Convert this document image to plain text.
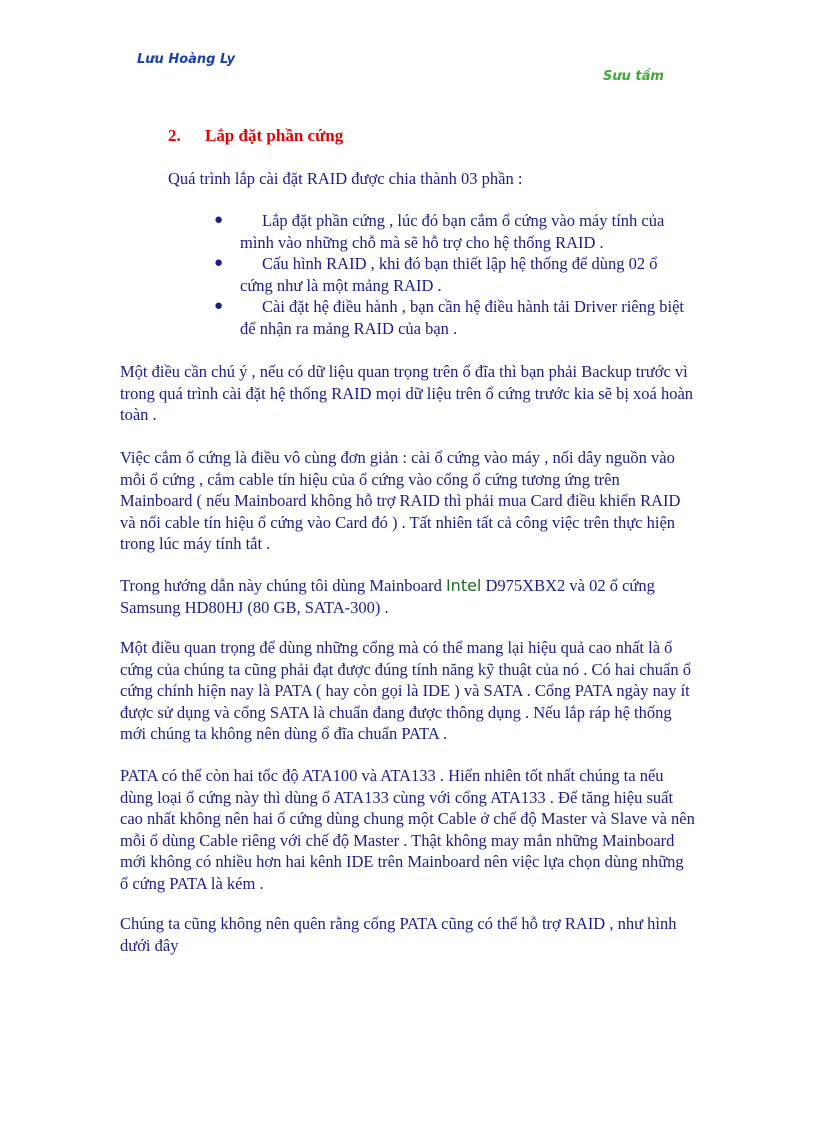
Lưu Hoàng Ly
Sưu tầm
2. Lắp đặt phần cứng
Quá trình lắp cài đặt RAID được chia thành 03 phần :
●	Lắp đặt phần cứng , lúc đó bạn cắm ổ cứng vào máy tính của mình vào những chỗ mà sẽ hỗ trợ cho hệ thống RAID .
●	Cấu hình RAID , khi đó bạn thiết lập hệ thống để dùng 02 ổ cứng như là một mảng RAID .
●	Cài đặt hệ điều hành , bạn cần hệ điều hành tải Driver riêng biệt để nhận ra mảng RAID của bạn .

Một điều cần chú ý , nếu có dữ liệu quan trọng trên ổ đĩa thì bạn phải Backup trước vì trong quá trình cài đặt hệ thống RAID mọi dữ liệu trên ổ cứng trước kia sẽ bị xoá hoàn toàn .

Việc cắm ổ cứng là điều vô cùng đơn giản : cài ổ cứng vào máy , nối dây nguồn vào mỗi ổ cứng , cắm cable tín hiệu của ổ cứng vào cổng ổ cứng tương ứng trên Mainboard ( nếu Mainboard không hỗ trợ RAID thì phải mua Card điều khiển RAID và nối cable tín hiệu ổ cứng vào Card đó ) . Tất nhiên tất cả công việc trên thực hiện trong lúc máy tính tắt .

Trong hướng dẫn này chúng tôi dùng Mainboard Intel D975XBX2 và 02 ổ cứng Samsung HD80HJ (80 GB, SATA-300) .

Một điều quan trọng để dùng những cổng mà có thể mang lại hiệu quả cao nhất là ổ cứng của chúng ta cũng phải đạt được đúng tính năng kỹ thuật của nó . Có hai chuẩn ổ cứng chính hiện nay là PATA ( hay còn gọi là IDE ) và SATA . Cổng PATA ngày nay ít được sử dụng và cổng SATA là chuẩn đang được thông dụng . Nếu lắp ráp hệ thống mới chúng ta không nên dùng ổ đĩa chuẩn PATA .

PATA có thể còn hai tốc độ ATA100 và ATA133 . Hiển nhiên tốt nhất chúng ta nếu dùng loại ổ cứng này thì dùng ổ ATA133 cùng với cổng ATA133 . Để tăng hiệu suất cao nhất không nên hai ổ cứng dùng chung một Cable ở chế độ Master và Slave và nên mỗi ổ dùng Cable riêng với chế độ Master . Thật không may mắn những Mainboard mới không có nhiều hơn hai kênh IDE trên Mainboard nên việc lựa chọn dùng những ổ cứng PATA là kém .

Chúng ta cũng không nên quên rằng cổng PATA cũng có thể hỗ trợ RAID , như hình dưới đây
